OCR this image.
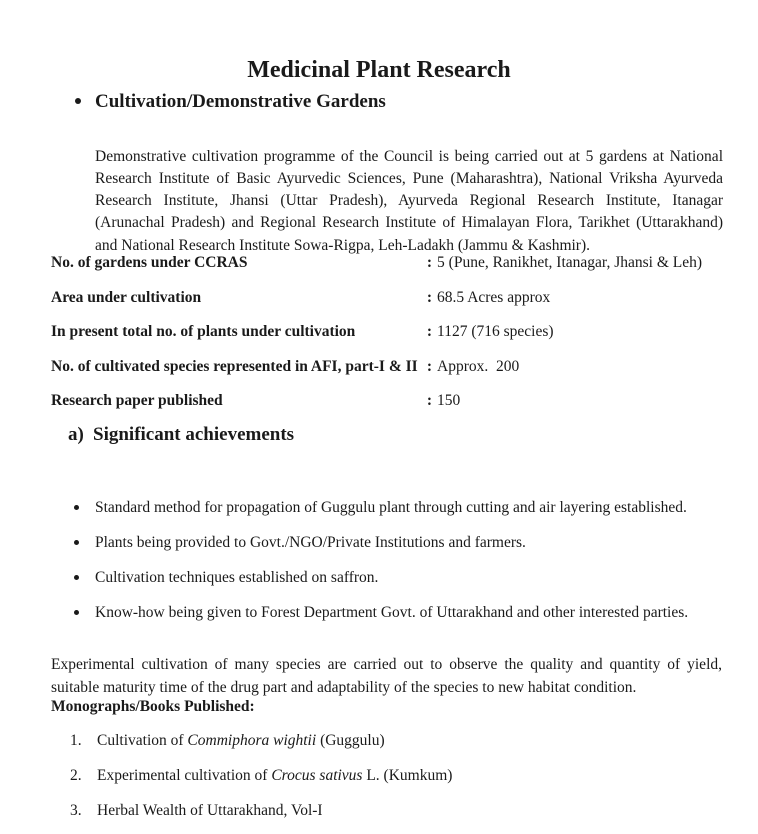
Medicinal Plant Research
Cultivation/Demonstrative Gardens

Demonstrative cultivation programme of the Council is being carried out at 5 gardens at National Research Institute of Basic Ayurvedic Sciences, Pune (Maharashtra), National Vriksha Ayurveda Research Institute, Jhansi (Uttar Pradesh), Ayurveda Regional Research Institute, Itanagar (Arunachal Pradesh) and Regional Research Institute of Himalayan Flora, Tarikhet (Uttarakhand) and National Research Institute Sowa-Rigpa, Leh-Ladakh (Jammu & Kashmir).

No. of gardens under CCRAS	: 5 (Pune, Ranikhet, Itanagar, Jhansi & Leh)
Area under cultivation	: 68.5 Acres approx
In present total no. of plants under cultivation	: 1127 (716 species)
No. of cultivated species represented in AFI, part-I & II : Approx.  200
Research paper published	: 150
a) Significant achievements
Standard method for propagation of Guggulu plant through cutting and air layering established.
Plants being provided to Govt./NGO/Private Institutions and farmers.
Cultivation techniques established on saffron.
Know-how being given to Forest Department Govt. of Uttarakhand and other interested parties.

Experimental cultivation of many species are carried out to observe the quality and quantity of yield, suitable maturity time of the drug part and adaptability of the species to new habitat condition.

Monographs/Books Published:
1. Cultivation of Commiphora wightii (Guggulu)
2. Experimental cultivation of Crocus sativus L. (Kumkum)
3. Herbal Wealth of Uttarakhand, Vol-I
